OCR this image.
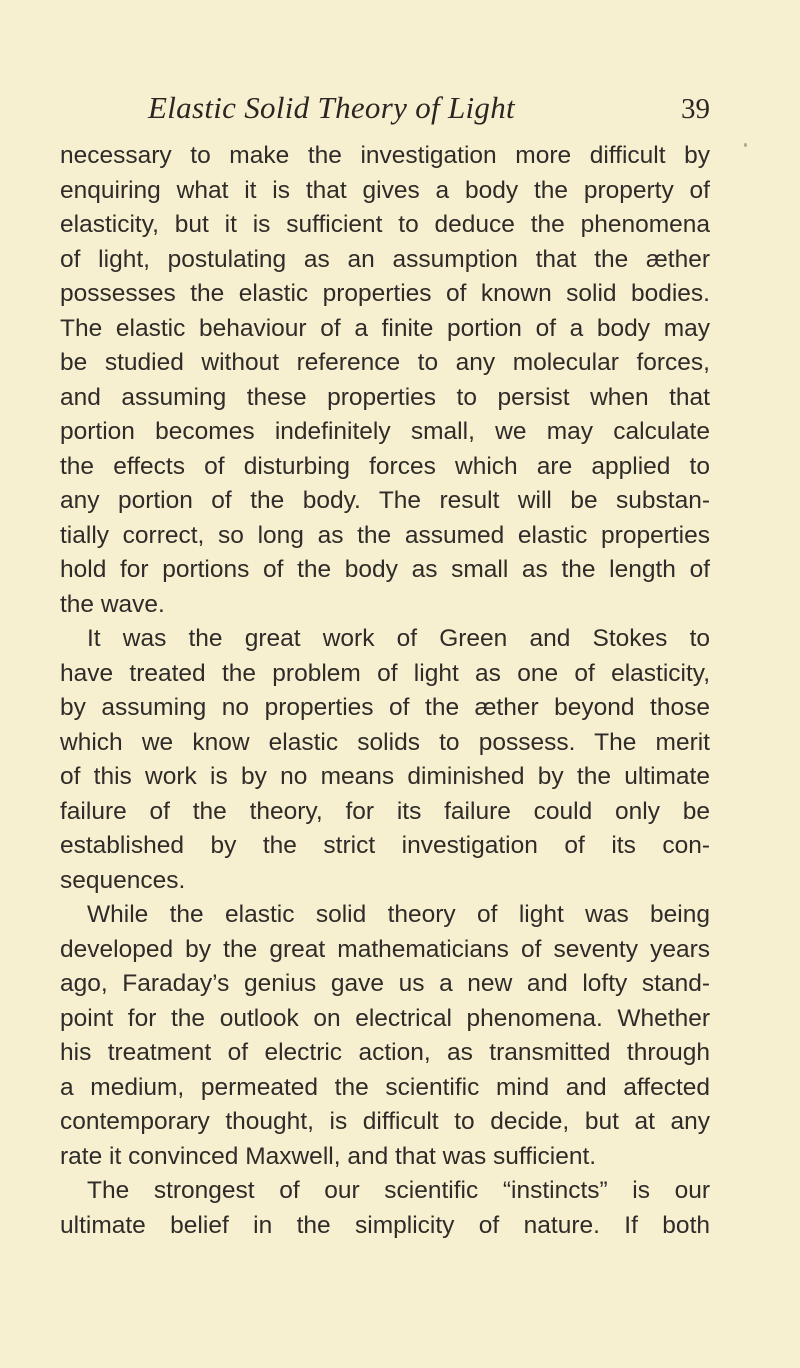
Elastic Solid Theory of Light	39
necessary to make the investigation more difficult by
enquiring what it is that gives a body the property of
elasticity, but it is sufficient to deduce the phenomena
of light, postulating as an assumption that the æther
possesses the elastic properties of known solid bodies.
The elastic behaviour of a finite portion of a body may
be studied without reference to any molecular forces,
and assuming these properties to persist when that
portion becomes indefinitely small, we may calculate
the effects of disturbing forces which are applied to
any portion of the body. The result will be substan-
tially correct, so long as the assumed elastic properties
hold for portions of the body as small as the length of
the wave.
It was the great work of Green and Stokes to
have treated the problem of light as one of elasticity,
by assuming no properties of the æther beyond those
which we know elastic solids to possess. The merit
of this work is by no means diminished by the ultimate
failure of the theory, for its failure could only be
established by the strict investigation of its con-
sequences.
While the elastic solid theory of light was being
developed by the great mathematicians of seventy years
ago, Faraday’s genius gave us a new and lofty stand-
point for the outlook on electrical phenomena. Whether
his treatment of electric action, as transmitted through
a medium, permeated the scientific mind and affected
contemporary thought, is difficult to decide, but at any
rate it convinced Maxwell, and that was sufficient.
The strongest of our scientific “instincts” is our
ultimate belief in the simplicity of nature. If both
